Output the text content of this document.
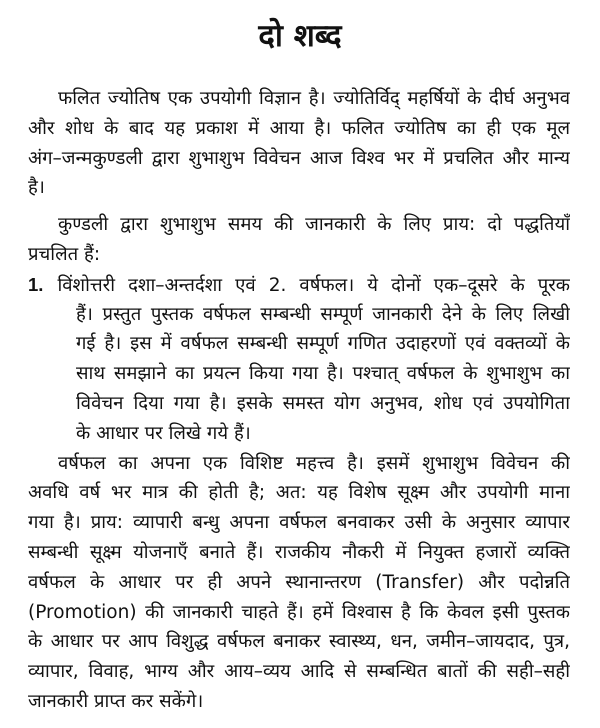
दो शब्द
फलित ज्योतिष एक उपयोगी विज्ञान है। ज्योतिर्विद् महर्षियों के दीर्घ अनुभव
और शोध के बाद यह प्रकाश में आया है। फलित ज्योतिष का ही एक मूल
अंग–जन्मकुण्डली द्वारा शुभाशुभ विवेचन आज विश्व भर में प्रचलित और मान्य
है।
कुण्डली द्वारा शुभाशुभ समय की जानकारी के लिए प्राय: दो पद्धतियाँ
प्रचलित हैं:
1. विंशोत्तरी दशा–अन्तर्दशा एवं 2. वर्षफल। ये दोनों एक–दूसरे के पूरक
हैं। प्रस्तुत पुस्तक वर्षफल सम्बन्धी सम्पूर्ण जानकारी देने के लिए लिखी
गई है। इस में वर्षफल सम्बन्धी सम्पूर्ण गणित उदाहरणों एवं वक्तव्यों के
साथ समझाने का प्रयत्न किया गया है। पश्चात् वर्षफल के शुभाशुभ का
विवेचन दिया गया है। इसके समस्त योग अनुभव, शोध एवं उपयोगिता
के आधार पर लिखे गये हैं।
वर्षफल का अपना एक विशिष्ट महत्त्व है। इसमें शुभाशुभ विवेचन की
अवधि वर्ष भर मात्र की होती है; अत: यह विशेष सूक्ष्म और उपयोगी माना
गया है। प्राय: व्यापारी बन्धु अपना वर्षफल बनवाकर उसी के अनुसार व्यापार
सम्बन्धी सूक्ष्म योजनाएँ बनाते हैं। राजकीय नौकरी में नियुक्त हजारों व्यक्ति
वर्षफल के आधार पर ही अपने स्थानान्तरण (Transfer) और पदोन्नति
(Promotion) की जानकारी चाहते हैं। हमें विश्वास है कि केवल इसी पुस्तक
के आधार पर आप विशुद्ध वर्षफल बनाकर स्वास्थ्य, धन, जमीन–जायदाद, पुत्र,
व्यापार, विवाह, भाग्य और आय–व्यय आदि से सम्बन्धित बातों की सही–सही
जानकारी प्राप्त कर सकेंगे।
